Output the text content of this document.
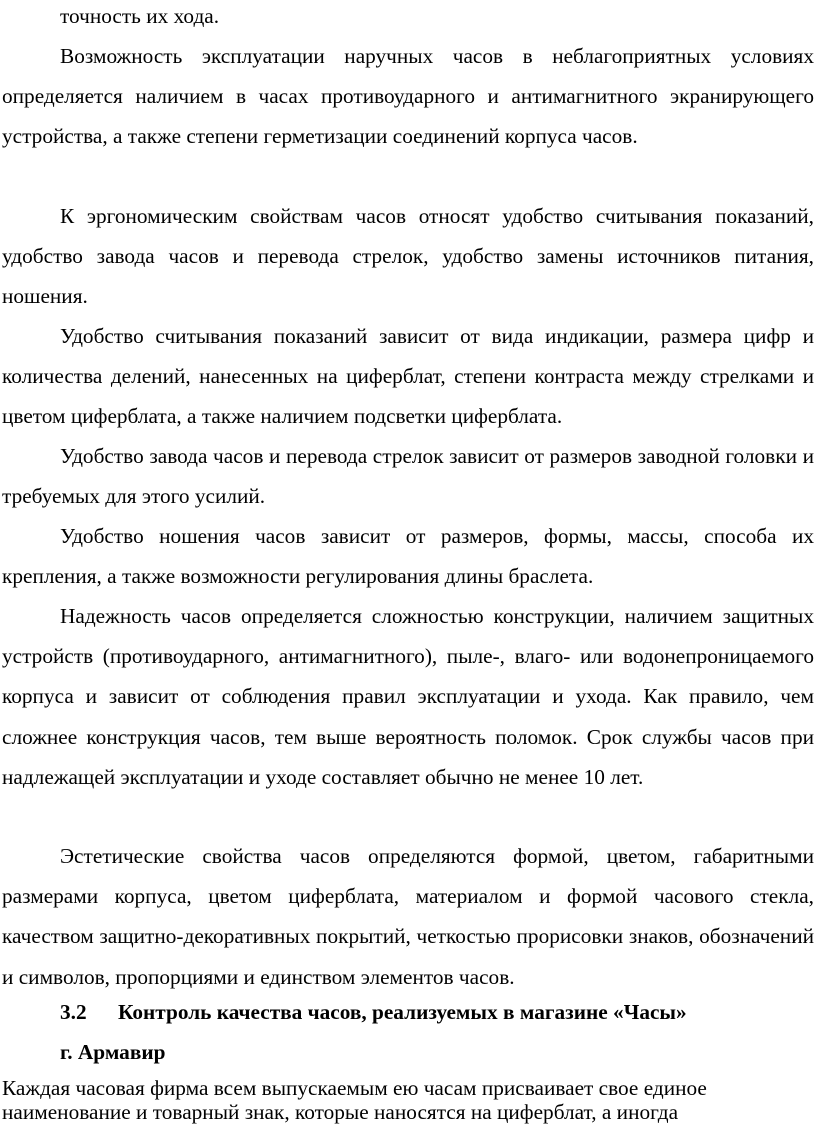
точность их хода.

Возможность эксплуатации наручных часов в неблагоприятных условиях определяется наличием в часах противоударного и антимагнитного экранирующего устройства, а также степени герметизации соединений корпуса часов.

К эргономическим свойствам часов относят удобство считывания показаний, удобство завода часов и перевода стрелок, удобство замены источников питания, ношения.

Удобство считывания показаний зависит от вида индикации, размера цифр и количества делений, нанесенных на циферблат, степени контраста между стрелками и цветом циферблата, а также наличием подсветки циферблата.

Удобство завода часов и перевода стрелок зависит от размеров заводной головки и требуемых для этого усилий.

Удобство ношения часов зависит от размеров, формы, массы, способа их крепления, а также возможности регулирования длины браслета.

Надежность часов определяется сложностью конструкции, наличием защитных устройств (противоударного, антимагнитного), пыле-, влаго- или водонепроницаемого корпуса и зависит от соблюдения правил эксплуатации и ухода. Как правило, чем сложнее конструкция часов, тем выше вероятность поломок. Срок службы часов при надлежащей эксплуатации и уходе составляет обычно не менее 10 лет.

Эстетические свойства часов определяются формой, цветом, габаритными размерами корпуса, цветом циферблата, материалом и формой часового стекла, качеством защитно-декоративных покрытий, четкостью прорисовки знаков, обозначений и символов, пропорциями и единством элементов часов.

3.2 Контроль качества часов, реализуемых в магазине «Часы»
г. Армавир

Каждая часовая фирма всем выпускаемым ею часам присваивает свое единое наименование и товарный знак, которые наносятся на циферблат, а иногда
